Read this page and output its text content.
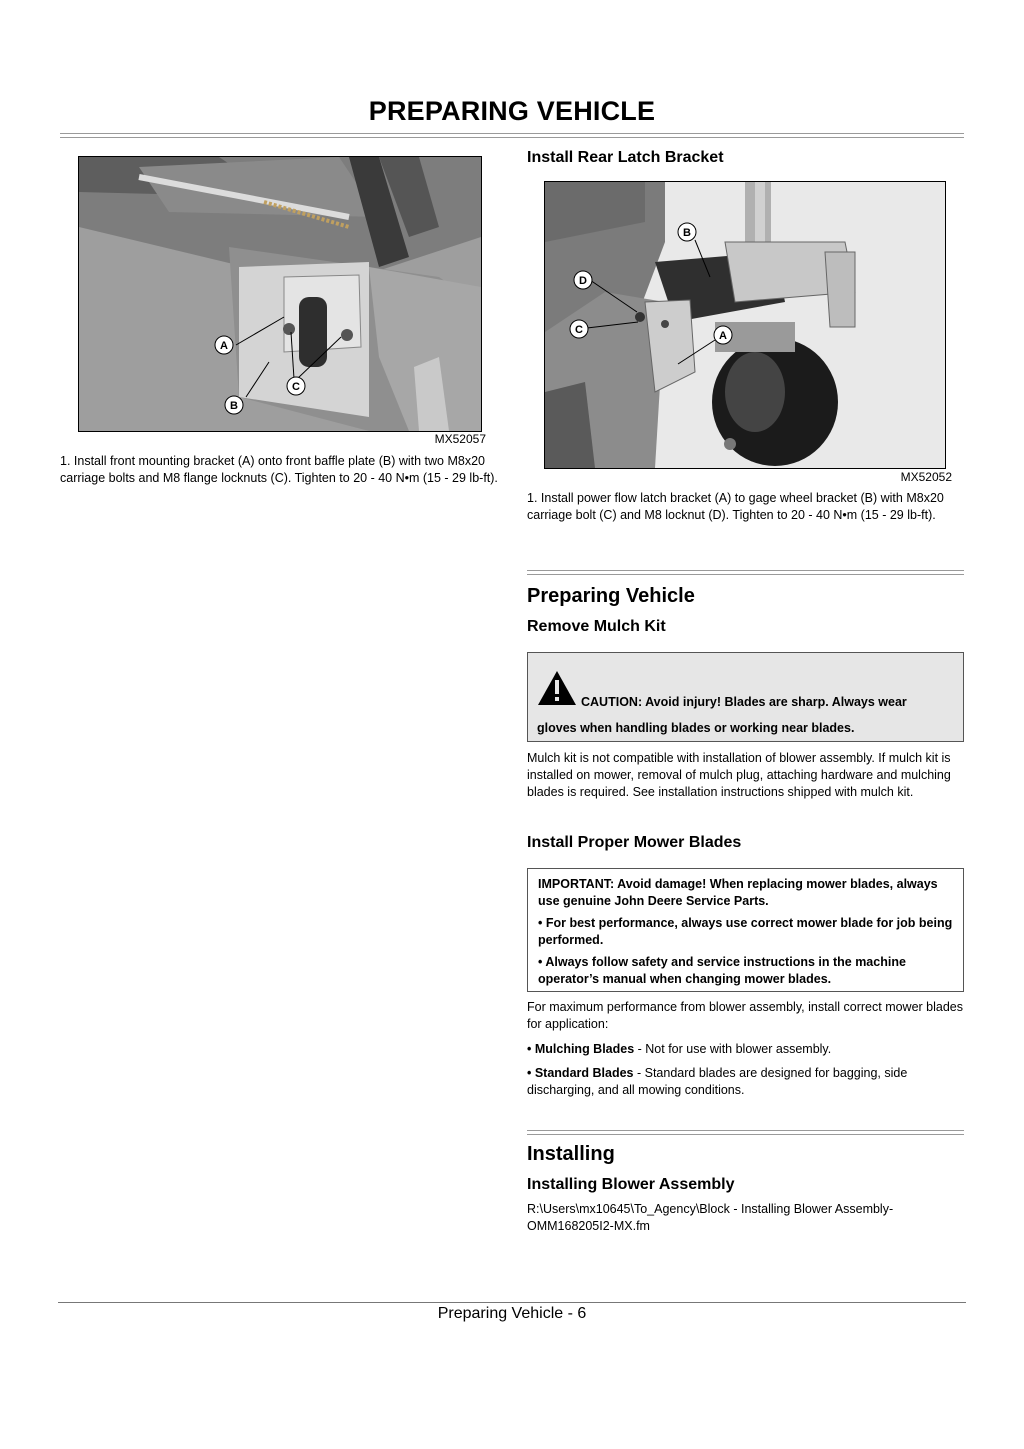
PREPARING VEHICLE
A
B
C
MX52057
1. Install front mounting bracket (A) onto front baffle plate (B) with two M8x20 carriage bolts and M8 flange locknuts (C). Tighten to 20 - 40 N•m (15 - 29 lb-ft).
Install Rear Latch Bracket
B
D
C	A
MX52052
1. Install power flow latch bracket (A) to gage wheel bracket (B) with M8x20 carriage bolt (C) and M8 locknut (D). Tighten to 20 - 40 N•m (15 - 29 lb-ft).
Preparing Vehicle
Remove Mulch Kit
CAUTION: Avoid injury! Blades are sharp. Always wear
gloves when handling blades or working near blades.
Mulch kit is not compatible with installation of blower assembly. If mulch kit is installed on mower, removal of mulch plug, attaching hardware and mulching blades is required. See installation instructions shipped with mulch kit.
Install Proper Mower Blades

IMPORTANT: Avoid damage! When replacing mower blades, always use genuine John Deere Service Parts.

• For best performance, always use correct mower blade for job being performed.

• Always follow safety and service instructions in the machine operator’s manual when changing mower blades.

For maximum performance from blower assembly, install correct mower blades for application:
• Mulching Blades - Not for use with blower assembly.
• Standard Blades - Standard blades are designed for bagging, side discharging, and all mowing conditions.
Installing
Installing Blower Assembly
R:\Users\mx10645\To_Agency\Block - Installing Blower Assembly-OMM168205I2-MX.fm
Preparing Vehicle - 6
